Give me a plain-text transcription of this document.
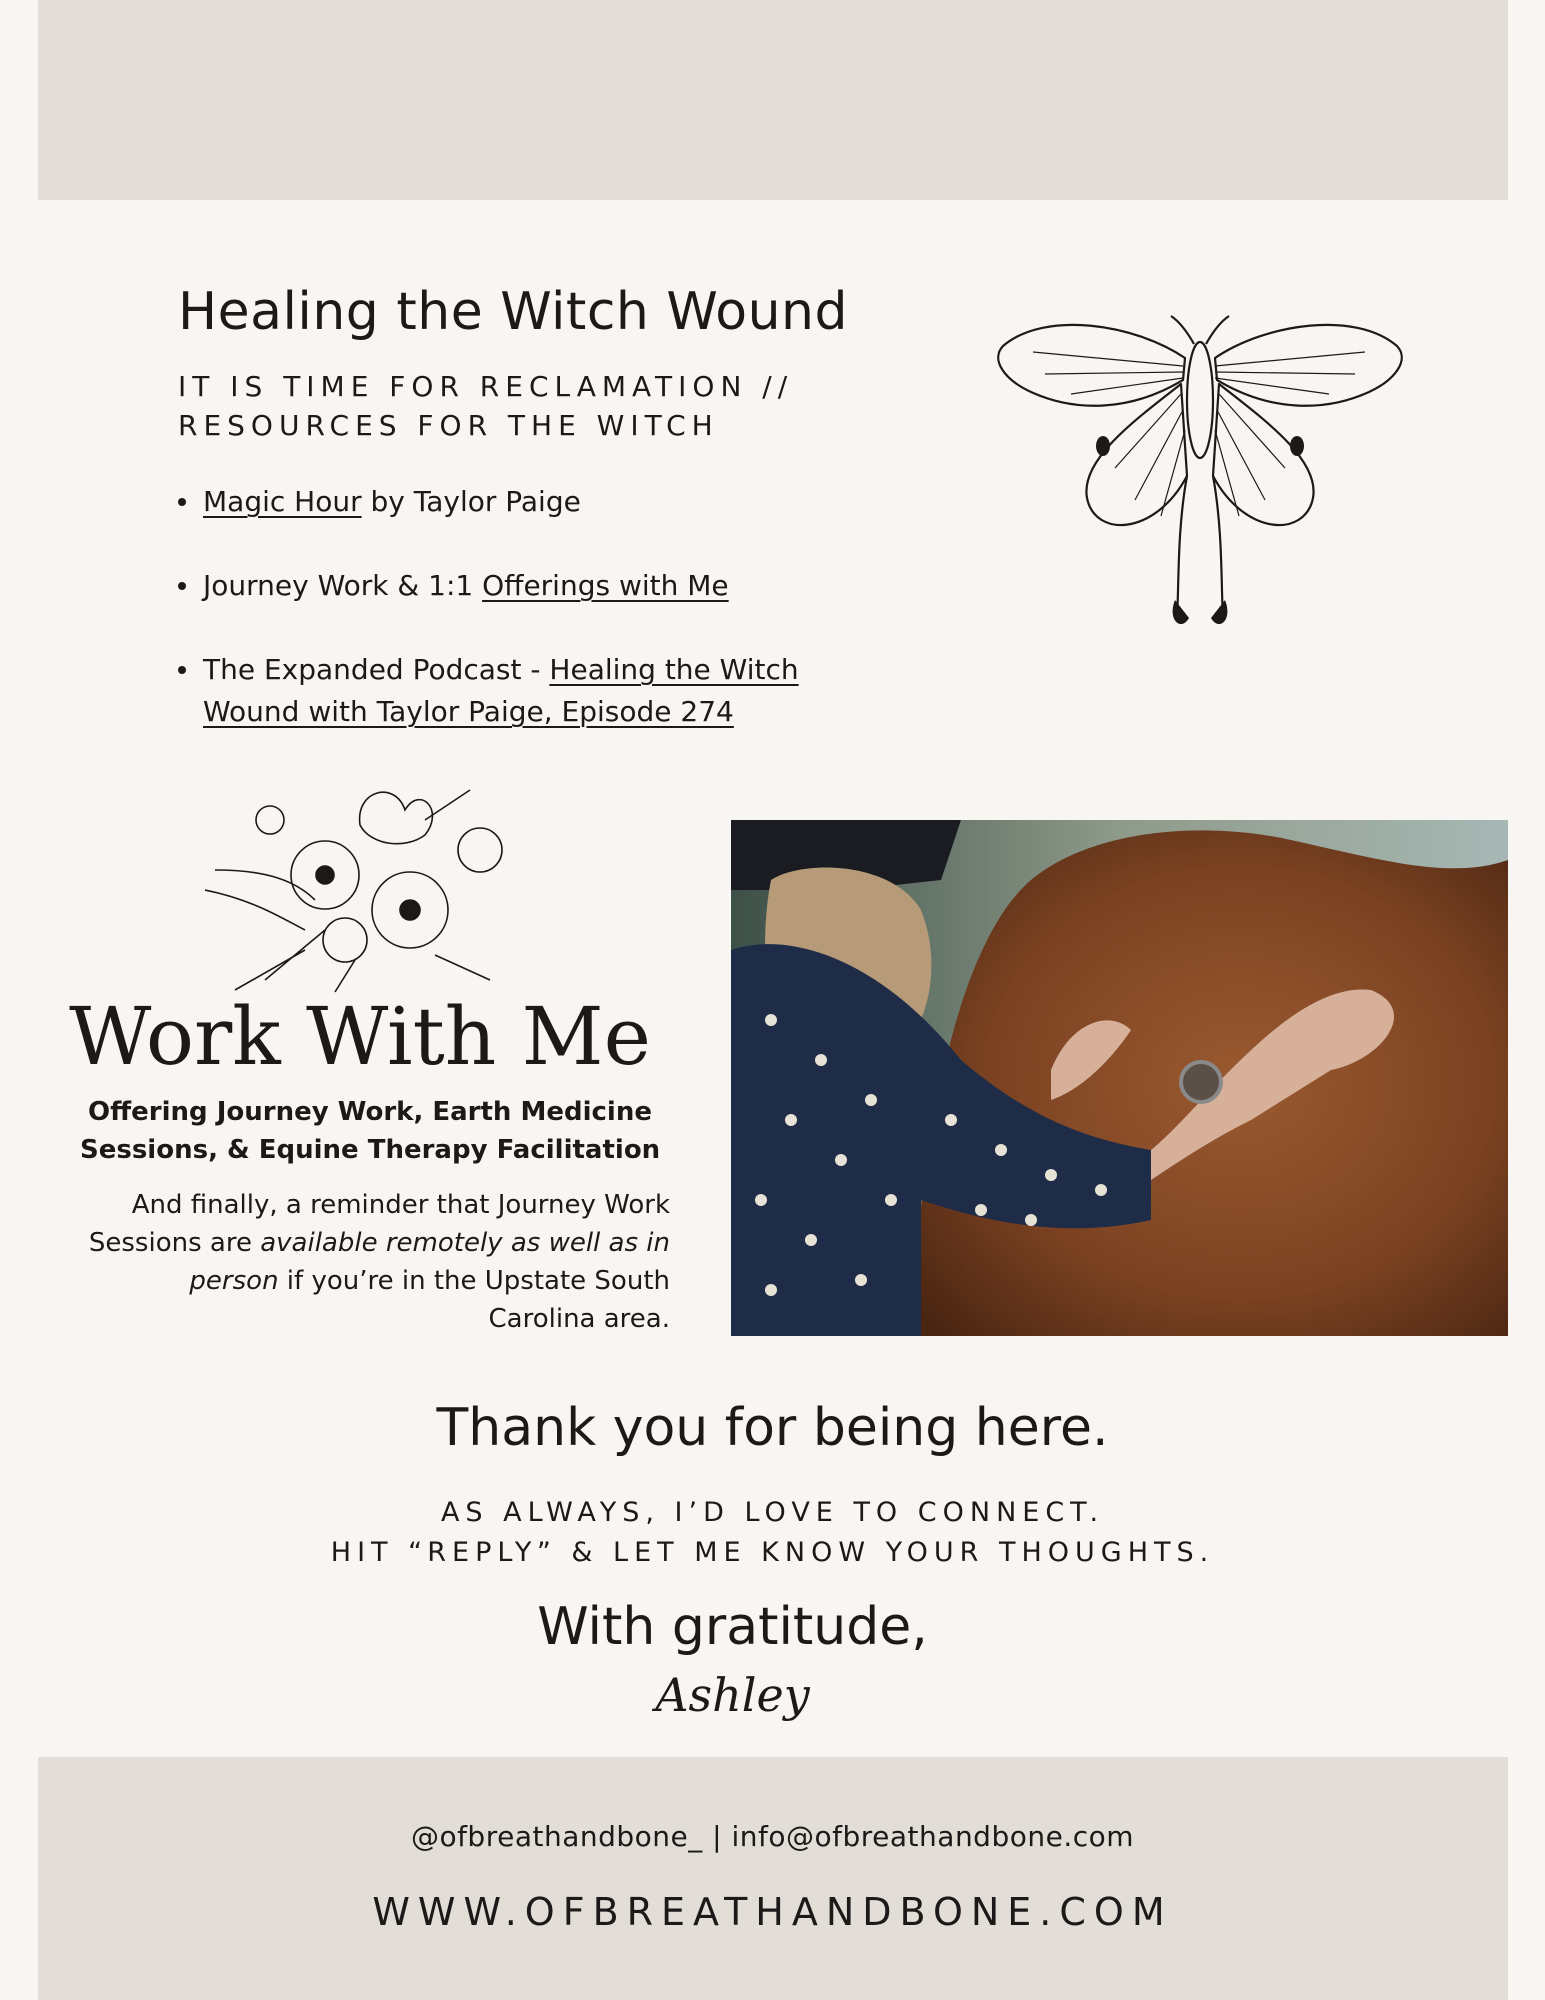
Healing the Witch Wound
IT IS TIME FOR RECLAMATION //
RESOURCES FOR THE WITCH
Magic Hour by Taylor Paige
Journey Work & 1:1 Offerings with Me
The Expanded Podcast - Healing the Witch
Wound with Taylor Paige, Episode 274
Work With Me
Offering Journey Work, Earth Medicine
Sessions, & Equine Therapy Facilitation
And finally, a reminder that Journey Work
Sessions are available remotely as well as in
person if you’re in the Upstate South
Carolina area.
Thank you for being here.
AS ALWAYS, I’D LOVE TO CONNECT.
HIT “REPLY” & LET ME KNOW YOUR THOUGHTS.
With gratitude,
Ashley
@ofbreathandbone_ | info@ofbreathandbone.com
WWW.OFBREATHANDBONE.COM
